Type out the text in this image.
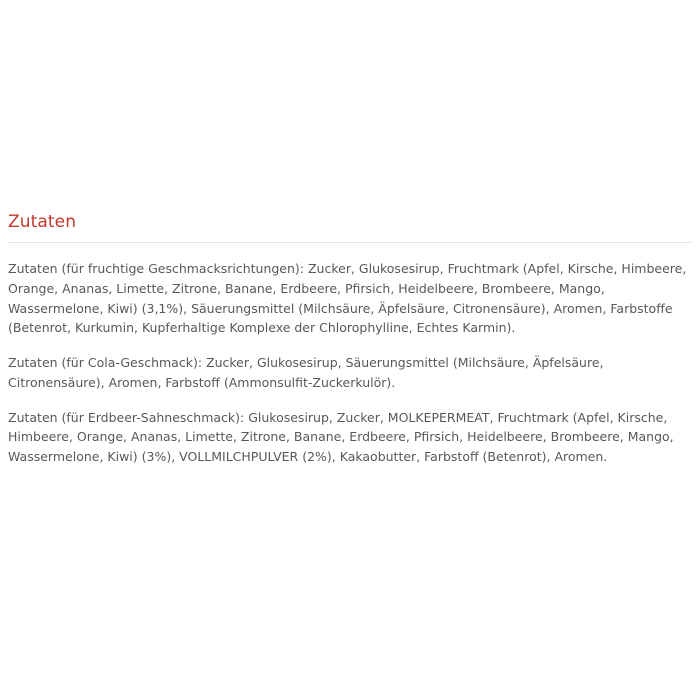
Zutaten

Zutaten (für fruchtige Geschmacksrichtungen): Zucker, Glukosesirup, Fruchtmark (Apfel, Kirsche, Himbeere, Orange, Ananas, Limette, Zitrone, Banane, Erdbeere, Pfirsich, Heidelbeere, Brombeere, Mango, Wassermelone, Kiwi) (3,1%), Säuerungsmittel (Milchsäure, Äpfelsäure, Citronensäure), Aromen, Farbstoffe (Betenrot, Kurkumin, Kupferhaltige Komplexe der Chlorophylline, Echtes Karmin).

Zutaten (für Cola-Geschmack): Zucker, Glukosesirup, Säuerungsmittel (Milchsäure, Äpfelsäure, Citronensäure), Aromen, Farbstoff (Ammonsulfit-Zuckerkulör).

Zutaten (für Erdbeer-Sahneschmack): Glukosesirup, Zucker, MOLKEPERMEAT, Fruchtmark (Apfel, Kirsche, Himbeere, Orange, Ananas, Limette, Zitrone, Banane, Erdbeere, Pfirsich, Heidelbeere, Brombeere, Mango, Wassermelone, Kiwi) (3%), VOLLMILCHPULVER (2%), Kakaobutter, Farbstoff (Betenrot), Aromen.
